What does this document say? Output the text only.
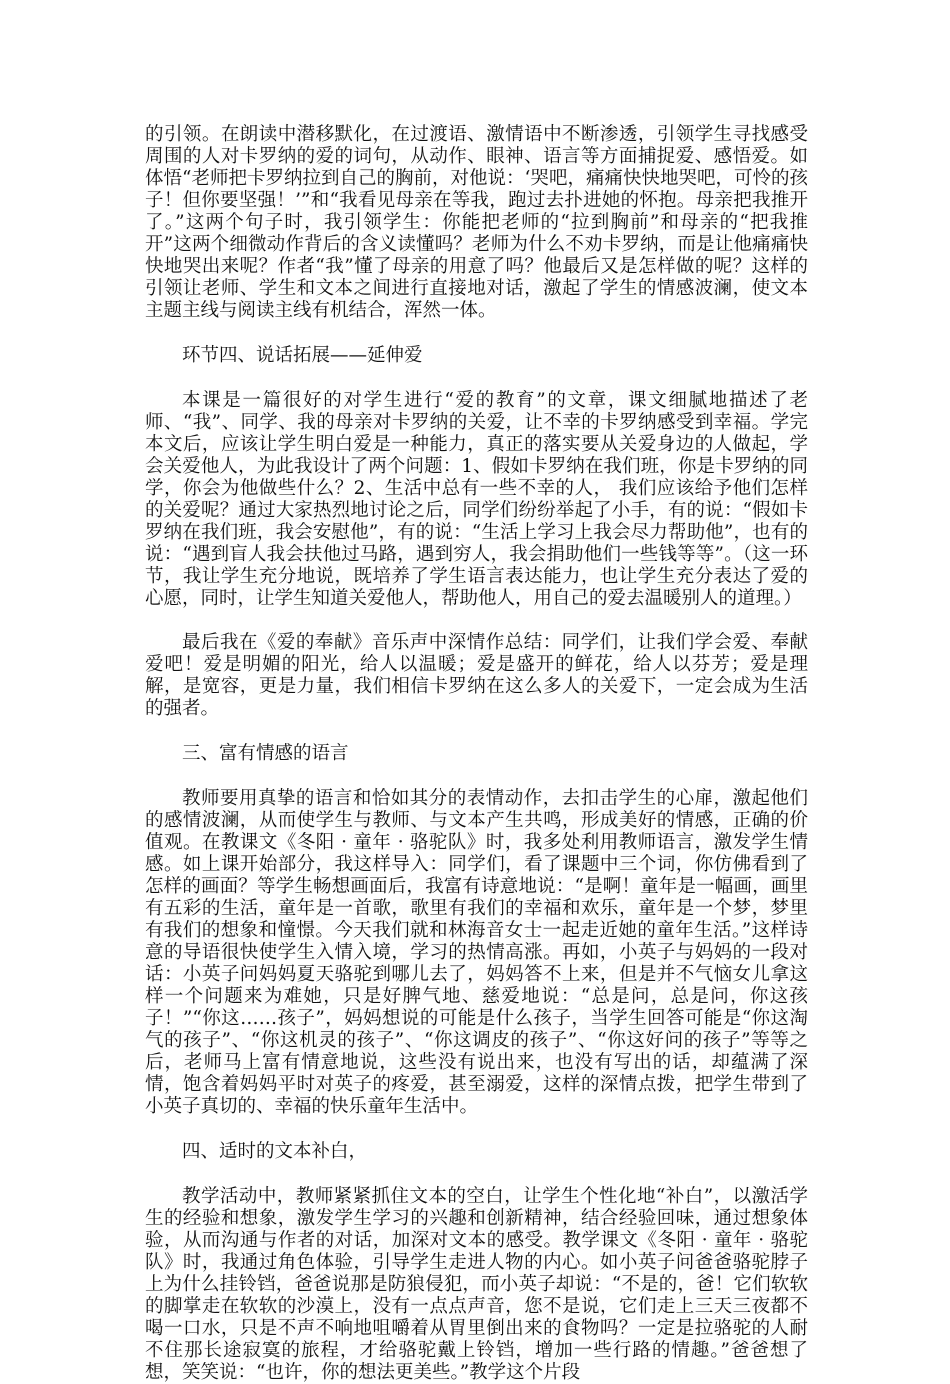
的引领。在朗读中潜移默化，在过渡语、激情语中不断渗透，引领学生寻找感受周围的人对卡罗纳的爱的词句，从动作、眼神、语言等方面捕捉爱、感悟爱。如体悟“老师把卡罗纳拉到自己的胸前，对他说：‘哭吧，痛痛快快地哭吧，可怜的孩子！但你要坚强！’”和“我看见母亲在等我，跑过去扑进她的怀抱。母亲把我推开了。”这两个句子时，我引领学生：你能把老师的“拉到胸前”和母亲的“把我推开”这两个细微动作背后的含义读懂吗？老师为什么不劝卡罗纳，而是让他痛痛快快地哭出来呢？作者“我”懂了母亲的用意了吗？他最后又是怎样做的呢？这样的引领让老师、学生和文本之间进行直接地对话，激起了学生的情感波澜，使文本主题主线与阅读主线有机结合，浑然一体。

环节四、说话拓展——延伸爱

本课是一篇很好的对学生进行“爱的教育”的文章，课文细腻地描述了老师、“我”、同学、我的母亲对卡罗纳的关爱，让不幸的卡罗纳感受到幸福。学完本文后，应该让学生明白爱是一种能力，真正的落实要从关爱身边的人做起，学会关爱他人，为此我设计了两个问题：1、假如卡罗纳在我们班，你是卡罗纳的同学，你会为他做些什么？2、生活中总有一些不幸的人， 我们应该给予他们怎样的关爱呢？通过大家热烈地讨论之后，同学们纷纷举起了小手，有的说：“假如卡罗纳在我们班，我会安慰他”，有的说：“生活上学习上我会尽力帮助他”，也有的说：“遇到盲人我会扶他过马路，遇到穷人，我会捐助他们一些钱等等”。（这一环节，我让学生充分地说，既培养了学生语言表达能力，也让学生充分表达了爱的心愿，同时，让学生知道关爱他人，帮助他人，用自己的爱去温暖别人的道理。）

最后我在《爱的奉献》音乐声中深情作总结：同学们，让我们学会爱、奉献爱吧！爱是明媚的阳光，给人以温暖；爱是盛开的鲜花，给人以芬芳；爱是理解，是宽容，更是力量，我们相信卡罗纳在这么多人的关爱下，一定会成为生活的强者。

三、富有情感的语言

教师要用真挚的语言和恰如其分的表情动作，去扣击学生的心扉，激起他们的感情波澜，从而使学生与教师、与文本产生共鸣，形成美好的情感，正确的价值观。在教课文《冬阳 · 童年 · 骆驼队》时，我多处利用教师语言，激发学生情感。如上课开始部分，我这样导入：同学们，看了课题中三个词，你仿佛看到了怎样的画面？等学生畅想画面后，我富有诗意地说：“是啊！童年是一幅画，画里有五彩的生活，童年是一首歌，歌里有我们的幸福和欢乐，童年是一个梦，梦里有我们的想象和憧憬。今天我们就和林海音女士一起走近她的童年生活。”这样诗意的导语很快使学生入情入境，学习的热情高涨。再如，小英子与妈妈的一段对话：小英子问妈妈夏天骆驼到哪儿去了，妈妈答不上来，但是并不气恼女儿拿这样一个问题来为难她，只是好脾气地、慈爱地说：“总是问，总是问，你这孩子！”“你这……孩子”，妈妈想说的可能是什么孩子，当学生回答可能是“你这淘气的孩子”、“你这机灵的孩子”、“你这调皮的孩子”、“你这好问的孩子”等等之后，老师马上富有情意地说，这些没有说出来，也没有写出的话，却蕴满了深情，饱含着妈妈平时对英子的疼爱，甚至溺爱，这样的深情点拨，把学生带到了小英子真切的、幸福的快乐童年生活中。

四、适时的文本补白，

教学活动中，教师紧紧抓住文本的空白，让学生个性化地“补白”，以激活学生的经验和想象，激发学生学习的兴趣和创新精神，结合经验回味，通过想象体验，从而沟通与作者的对话，加深对文本的感受。教学课文《冬阳 · 童年 · 骆驼队》时，我通过角色体验，引导学生走进人物的内心。如小英子问爸爸骆驼脖子上为什么挂铃铛，爸爸说那是防狼侵犯，而小英子却说：“不是的，爸！它们软软的脚掌走在软软的沙漠上，没有一点点声音，您不是说，它们走上三天三夜都不喝一口水，只是不声不响地咀嚼着从胃里倒出来的食物吗？一定是拉骆驼的人耐不住那长途寂寞的旅程，才给骆驼戴上铃铛，增加一些行路的情趣。”爸爸想了想，笑笑说：“也许，你的想法更美些。”教学这个片段
